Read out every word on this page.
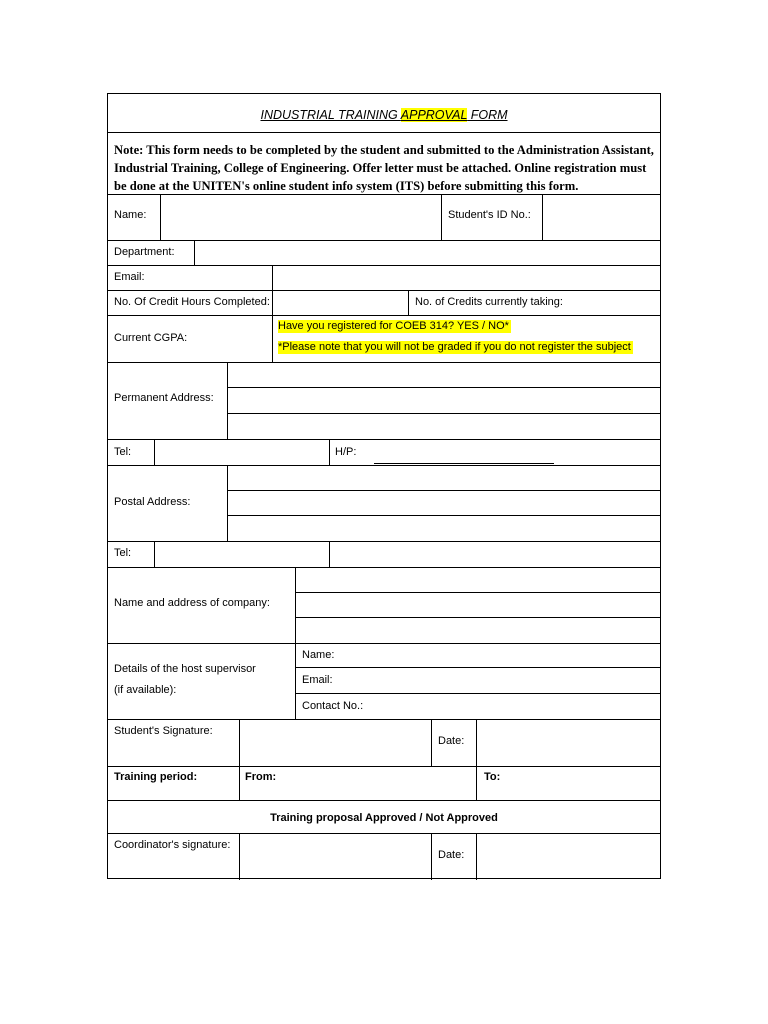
INDUSTRIAL TRAINING APPROVAL FORM
Note: This form needs to be completed by the student and submitted to the Administration Assistant,
Industrial Training, College of Engineering. Offer letter must be attached. Online registration must
be done at the UNITEN's online student info system (ITS) before submitting this form.
Name:	Student's ID No.:
Department:
Email:
No. Of Credit Hours Completed:	No. of Credits currently taking:
Current CGPA:
Have you registered for COEB 314? YES / NO*
*Please note that you will not be graded if you do not register the subject
Permanent Address:
Tel:	H/P:
Postal Address:
Tel:
Name and address of company:
Details of the host supervisor
(if available):
Name:
Email:
Contact No.:
Student's Signature:
Date:
Training period:	From:	To:
Training proposal Approved / Not Approved
Coordinator's signature:
Date:
